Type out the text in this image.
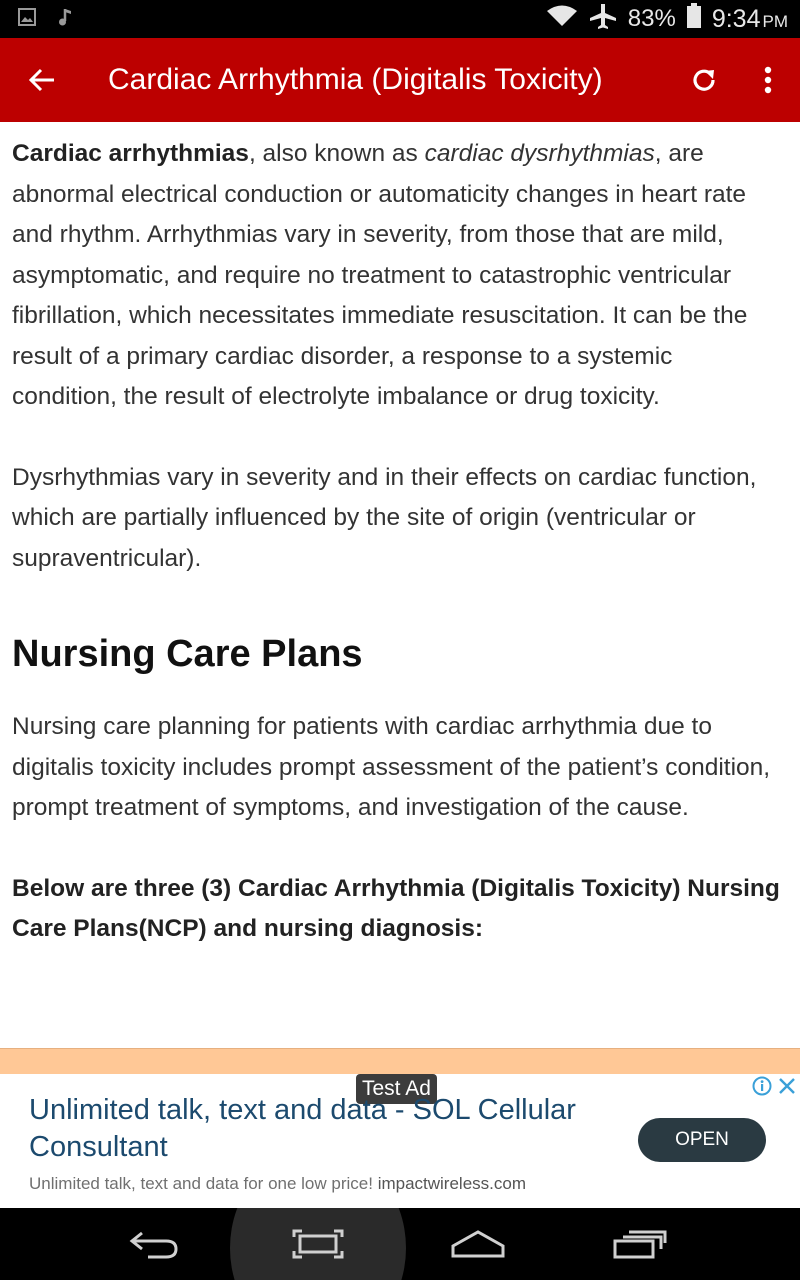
83% 9:34 PM
Cardiac Arrhythmia (Digitalis Toxicity)

Cardiac arrhythmias, also known as cardiac dysrhythmias, are abnormal electrical conduction or automaticity changes in heart rate and rhythm. Arrhythmias vary in severity, from those that are mild, asymptomatic, and require no treatment to catastrophic ventricular fibrillation, which necessitates immediate resuscitation. It can be the result of a primary cardiac disorder, a response to a systemic condition, the result of electrolyte imbalance or drug toxicity.

Dysrhythmias vary in severity and in their effects on cardiac function, which are partially influenced by the site of origin (ventricular or supraventricular).

Nursing Care Plans

Nursing care planning for patients with cardiac arrhythmia due to digitalis toxicity includes prompt assessment of the patient’s condition, prompt treatment of symptoms, and investigation of the cause.

Below are three (3) Cardiac Arrhythmia (Digitalis Toxicity) Nursing Care Plans(NCP) and nursing diagnosis:

Test Ad
Unlimited talk, text and data - SOL Cellular Consultant
Unlimited talk, text and data for one low price! impactwireless.com
OPEN
